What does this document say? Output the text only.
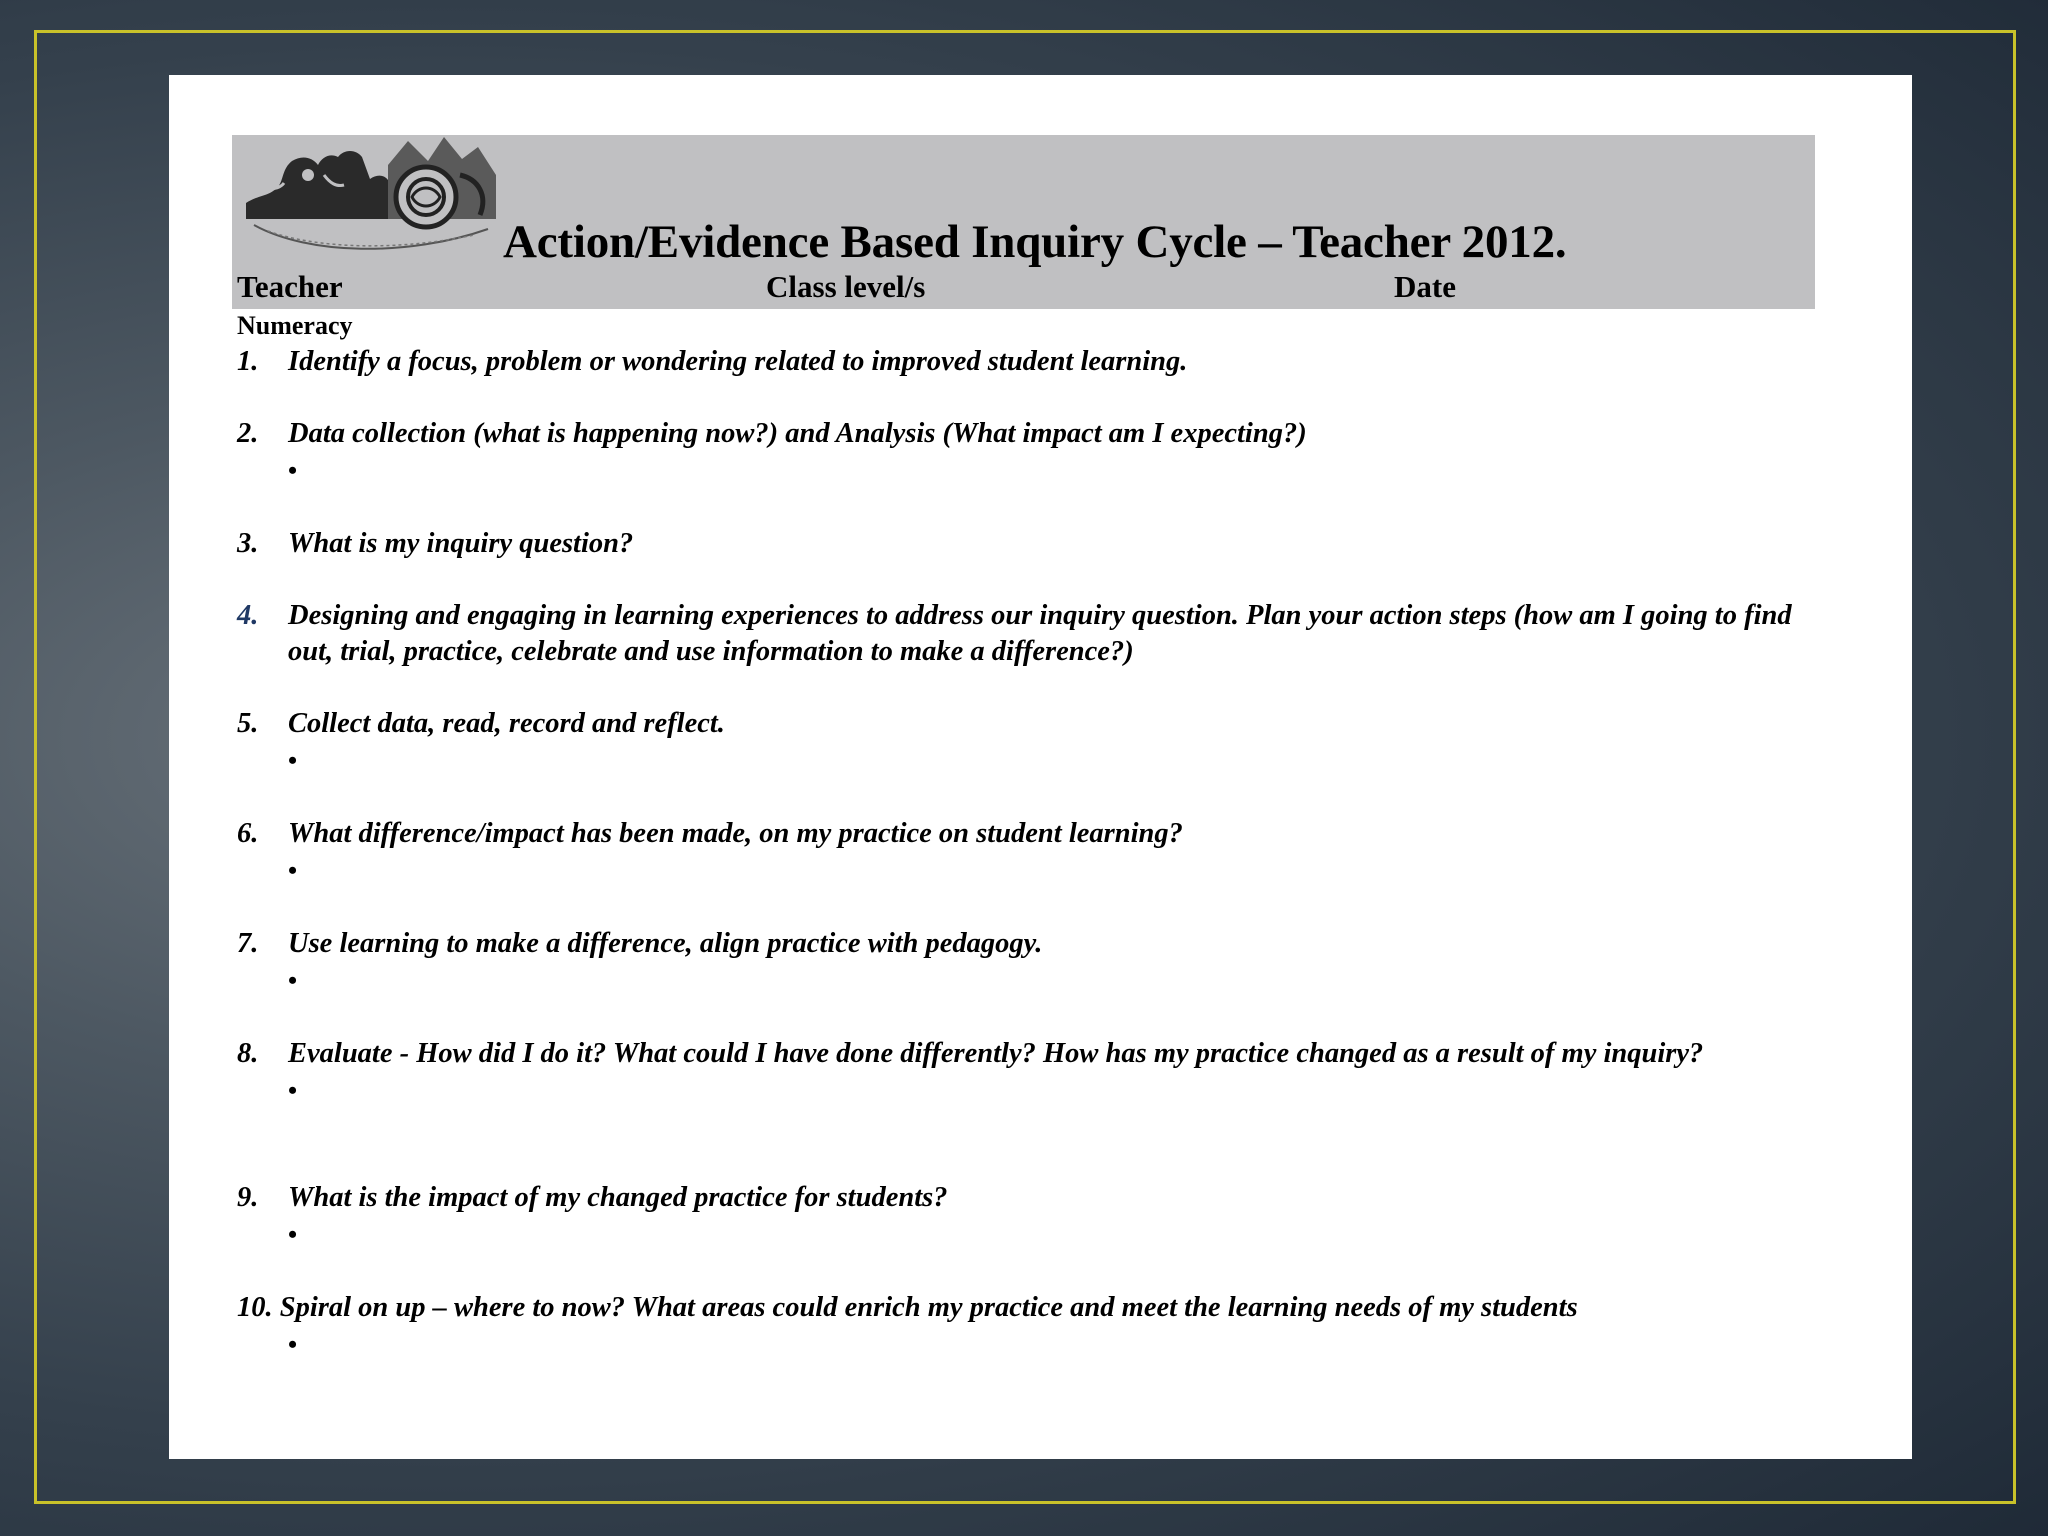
Action/Evidence Based Inquiry Cycle – Teacher 2012.
Teacher	Class level/s	Date
Numeracy
1.	Identify a focus, problem or wondering related to improved student learning.
2.	Data collection (what is happening now?) and Analysis (What impact am I expecting?)
•
3.	What is my inquiry question?
4.	Designing and engaging in learning experiences to address our inquiry question. Plan your action steps (how am I going to find out, trial, practice, celebrate and use information to make a difference?)
5.	Collect data, read, record and reflect.
•
6.	What difference/impact has been made, on my practice on student learning?
•
7.	Use learning to make a difference, align practice with pedagogy.
•
8.	Evaluate - How did I do it? What could I have done differently? How has my practice changed as a result of my inquiry?
•
9.	What is the impact of my changed practice for students?
•
10. Spiral on up – where to now? What areas could enrich my practice and meet the learning needs of my students
•
